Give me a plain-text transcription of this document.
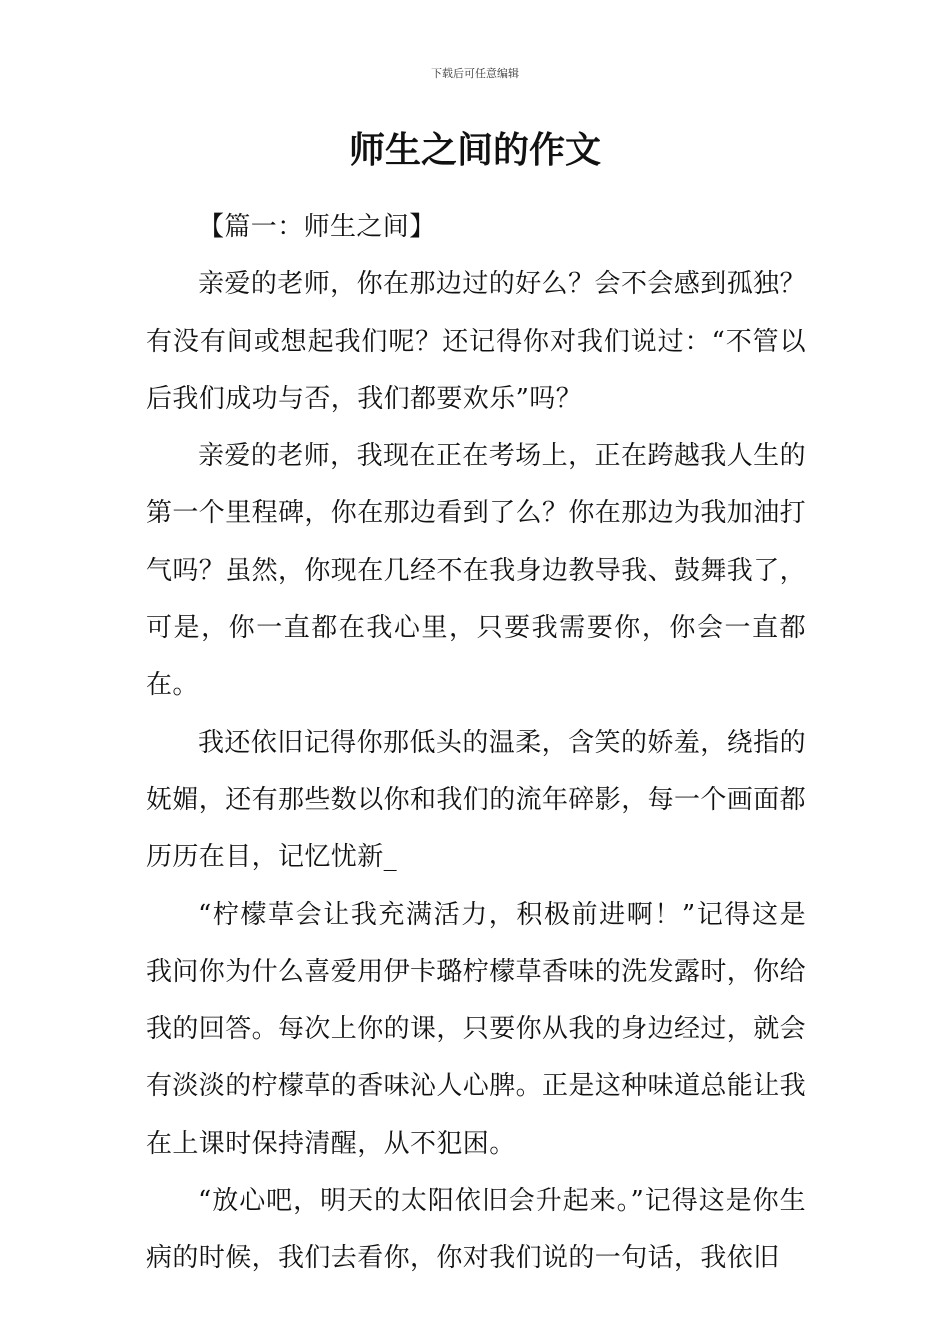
下载后可任意编辑
师生之间的作文

【篇一：师生之间】

亲爱的老师，你在那边过的好么？会不会感到孤独？有没有间或想起我们呢？还记得你对我们说过：“不管以后我们成功与否，我们都要欢乐”吗？

亲爱的老师，我现在正在考场上，正在跨越我人生的第一个里程碑，你在那边看到了么？你在那边为我加油打气吗？虽然，你现在几经不在我身边教导我、鼓舞我了，可是，你一直都在我心里，只要我需要你，你会一直都在。

我还依旧记得你那低头的温柔，含笑的娇羞，绕指的妩媚，还有那些数以你和我们的流年碎影，每一个画面都历历在目，记忆忧新_

“柠檬草会让我充满活力，积极前进啊！”记得这是我问你为什么喜爱用伊卡璐柠檬草香味的洗发露时，你给我的回答。每次上你的课，只要你从我的身边经过，就会有淡淡的柠檬草的香味沁人心脾。正是这种味道总能让我在上课时保持清醒，从不犯困。

“放心吧，明天的太阳依旧会升起来。”记得这是你生病的时候，我们去看你，你对我们说的一句话，我依旧
